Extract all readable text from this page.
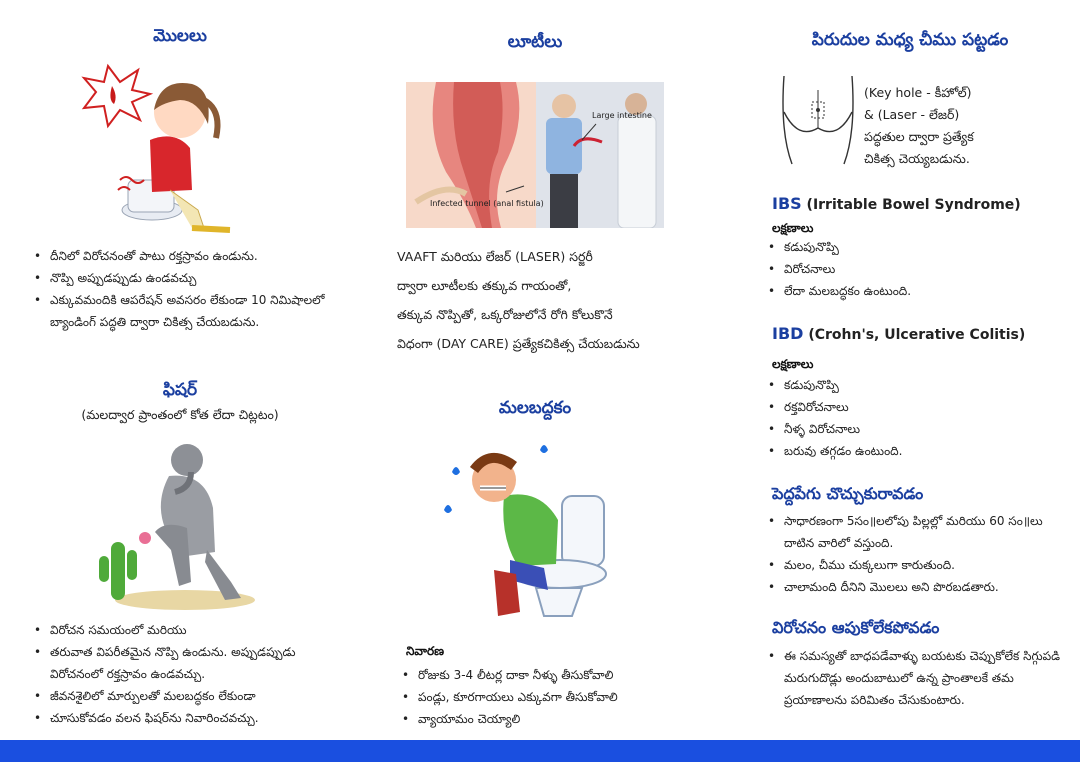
మొలలు
• దీనిలో విరోచనంతో పాటు రక్తస్రావం ఉండును.
• నొప్పి అప్పుడప్పుడు ఉండవచ్చు
• ఎక్కువమందికి ఆపరేషన్ అవసరం లేకుండా 10 నిమిషాలలో బ్యాండింగ్ పద్ధతి ద్వారా చికిత్స చేయబడును.
ఫిషర్
(మలద్వార ప్రాంతంలో కోత లేదా చిట్లటం)
• విరోచన సమయంలో మరియు
• తరువాత విపరీతమైన నొప్పి ఉండును. అప్పుడప్పుడు విరోచనంలో రక్తస్రావం ఉండవచ్చు.
• జీవనశైలిలో మార్పులతో మలబద్ధకం లేకుండా
• చూసుకోవడం వలన ఫిషర్‌ను నివారించవచ్చు.
లూటీలు
Large intestine
Infected tunnel (anal fistula)
VAAFT మరియు లేజర్ (LASER) సర్జరీ
ద్వారా లూటీలకు తక్కువ గాయంతో,
తక్కువ నొప్పితో, ఒక్కరోజులోనే రోగి కోలుకొనే
విధంగా (DAY CARE) ప్రత్యేకచికిత్స చేయబడును
మలబద్దకం
నివారణ
• రోజుకు 3-4 లీటర్ల దాకా నీళ్ళు తీసుకోవాలి
• పండ్లు, కూరగాయలు ఎక్కువగా తీసుకోవాలి
• వ్యాయామం చెయ్యాలి
పిరుదుల మధ్య చీము పట్టడం
(Key hole - కీహోల్)
& (Laser - లేజర్)
పద్ధతుల ద్వారా ప్రత్యేక
చికిత్స చెయ్యబడును.
IBS (Irritable Bowel Syndrome)
లక్షణాలు
• కడుపునొప్పి
• విరోచనాలు
• లేదా మలబద్ధకం ఉంటుంది.
IBD (Crohn's, Ulcerative Colitis)
లక్షణాలు
• కడుపునొప్పి
• రక్తవిరోచనాలు
• నీళ్ళ విరోచనాలు
• బరువు తగ్గడం ఉంటుంది.
పెద్దపేగు చొచ్చుకురావడం
• సాధారణంగా 5సం॥లలోపు పిల్లల్లో మరియు 60 సం॥లు దాటిన వారిలో వస్తుంది.
• మలం, చీము చుక్కలుగా కారుతుంది.
• చాలామంది దీనిని మొలలు అని పొరబడతారు.
విరోచనం ఆపుకోలేకపోవడం
• ఈ సమస్యతో బాధపడేవాళ్ళు బయటకు చెప్పుకోలేక సిగ్గుపడి మరుగుదొడ్లు అందుబాటులో ఉన్న ప్రాంతాలకే తమ ప్రయాణాలను పరిమితం చేసుకుంటారు.
